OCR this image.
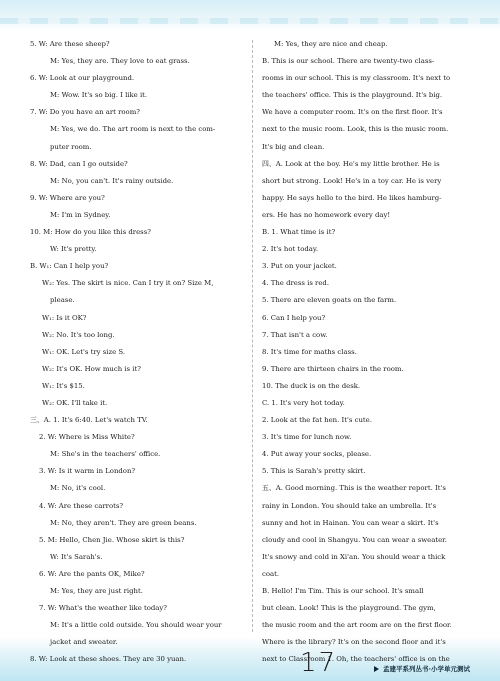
5. W: Are these sheep?
M: Yes, they are. They love to eat grass.
6. W: Look at our playground.
M: Wow. It's so big. I like it.
7. W: Do you have an art room?
M: Yes, we do. The art room is next to the com-
puter room.
8. W: Dad, can I go outside?
M: No, you can't. It's rainy outside.
9. W: Where are you?
M: I'm in Sydney.
10. M: How do you like this dress?
W: It's pretty.
B. W₁: Can I help you?
W₂: Yes. The skirt is nice. Can I try it on? Size M,
please.
W₁: Is it OK?
W₂: No. It's too long.
W₁: OK. Let's try size S.
W₂: It's OK. How much is it?
W₁: It's $15.
W₂: OK. I'll take it.
三、A. 1. It's 6:40. Let's watch TV.
2. W: Where is Miss White?
M: She's in the teachers' office.
3. W: Is it warm in London?
M: No, it's cool.
4. W: Are these carrots?
M: No, they aren't. They are green beans.
5. M: Hello, Chen Jie. Whose skirt is this?
W: It's Sarah's.
6. W: Are the pants OK, Mike?
M: Yes, they are just right.
7. W: What's the weather like today?
M: It's a little cold outside. You should wear your
jacket and sweater.
8. W: Look at these shoes. They are 30 yuan.
M: Yes, they are nice and cheap.
B. This is our school. There are twenty-two class-
rooms in our school. This is my classroom. It's next to
the teachers' office. This is the playground. It's big.
We have a computer room. It's on the first floor. It's
next to the music room. Look, this is the music room.
It's big and clean.
四、A. Look at the boy. He's my little brother. He is
short but strong. Look! He's in a toy car. He is very
happy. He says hello to the bird. He likes hamburg-
ers. He has no homework every day!
B. 1. What time is it?
2. It's hot today.
3. Put on your jacket.
4. The dress is red.
5. There are eleven goats on the farm.
6. Can I help you?
7. That isn't a cow.
8. It's time for maths class.
9. There are thirteen chairs in the room.
10. The duck is on the desk.
C. 1. It's very hot today.
2. Look at the fat hen. It's cute.
3. It's time for lunch now.
4. Put away your socks, please.
5. This is Sarah's pretty skirt.
五、A. Good morning. This is the weather report. It's
rainy in London. You should take an umbrella. It's
sunny and hot in Hainan. You can wear a skirt. It's
cloudy and cool in Shangyu. You can wear a sweater.
It's snowy and cold in Xi'an. You should wear a thick
coat.
B. Hello! I'm Tim. This is our school. It's small
but clean. Look! This is the playground. The gym,
the music room and the art room are on the first floor.
Where is the library? It's on the second floor and it's
next to Classroom 1. Oh, the teachers' office is on the
17	孟建平系列丛书·小学单元测试
